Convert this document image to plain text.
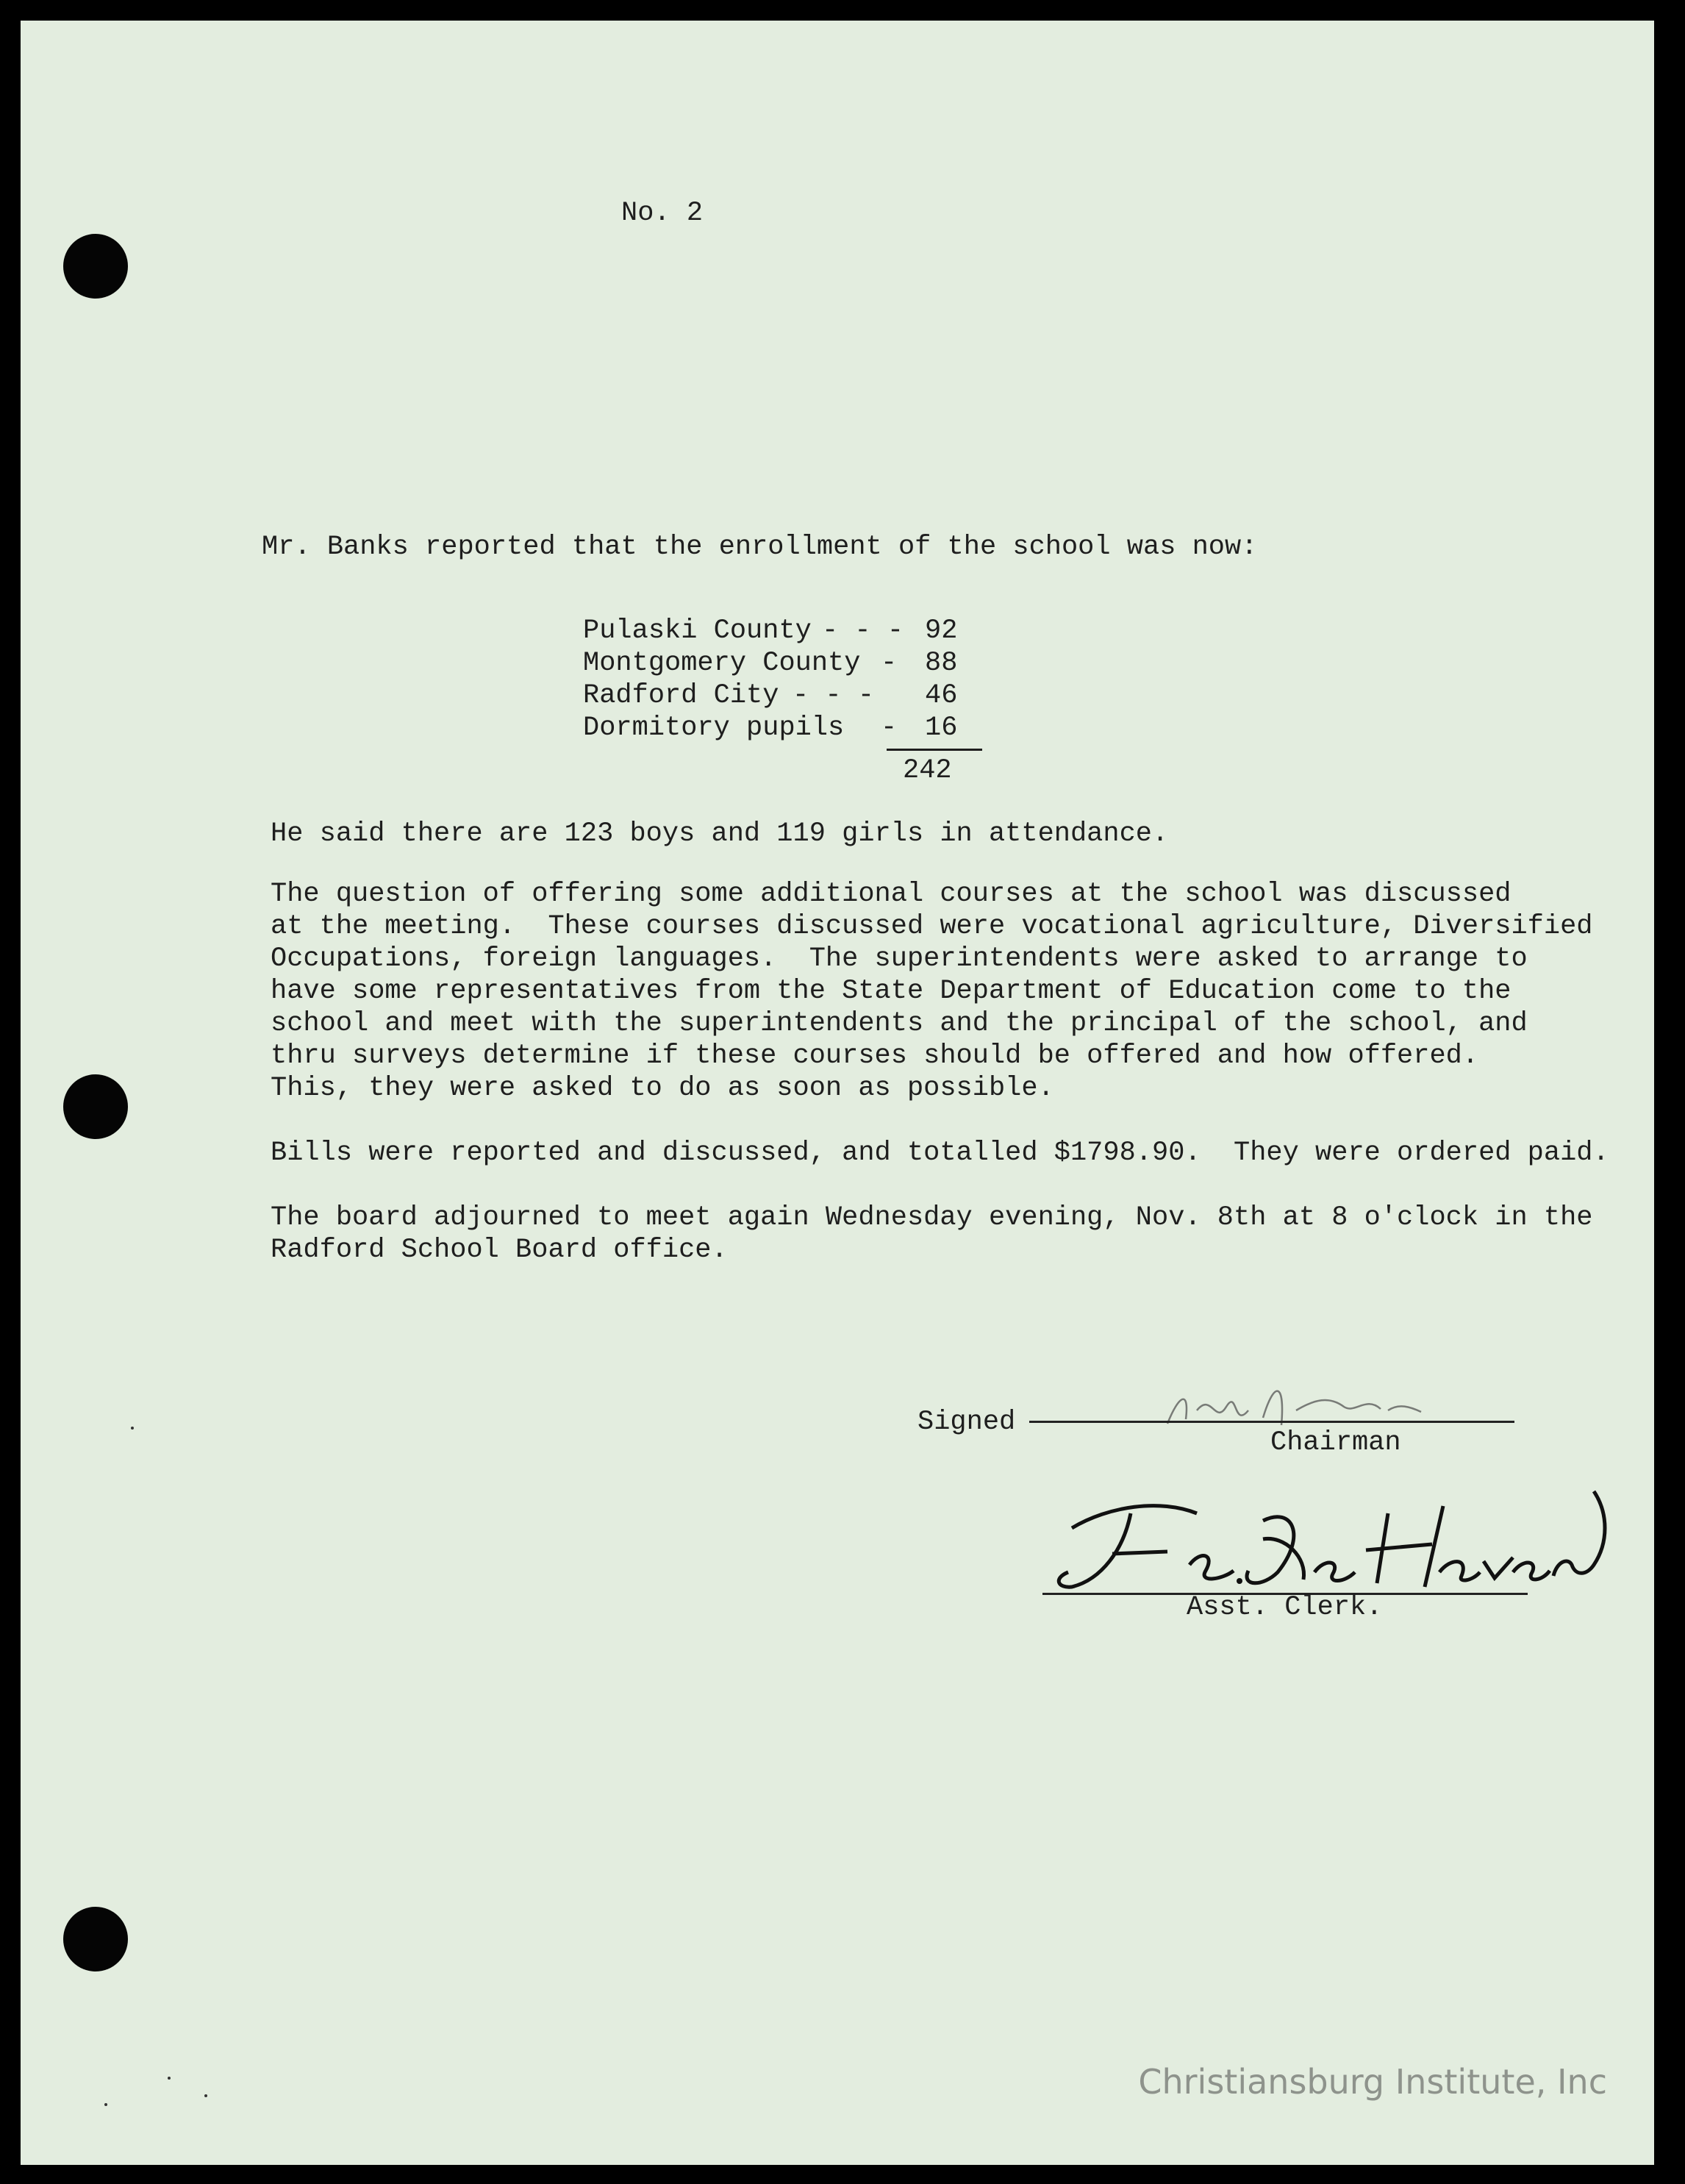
No. 2

Mr. Banks reported that the enrollment of the school was now:

Pulaski County - - - 92
Montgomery County -	88
Radford City - - -	46
Dormitory pupils	-	16

242

He said there are 123 boys and 119 girls in attendance.

The question of offering some additional courses at the school was discussed
at the meeting.  These courses discussed were vocational agriculture, Diversified
Occupations, foreign languages.  The superintendents were asked to arrange to
have some representatives from the State Department of Education come to the
school and meet with the superintendents and the principal of the school, and
thru surveys determine if these courses should be offered and how offered.
This, they were asked to do as soon as possible.

Bills were reported and discussed, and totalled $1798.90.  They were ordered paid.

The board adjourned to meet again Wednesday evening, Nov. 8th at 8 o'clock in the
Radford School Board office.

Signed

Chairman

Asst. Clerk.

Christiansburg Institute, Inc
